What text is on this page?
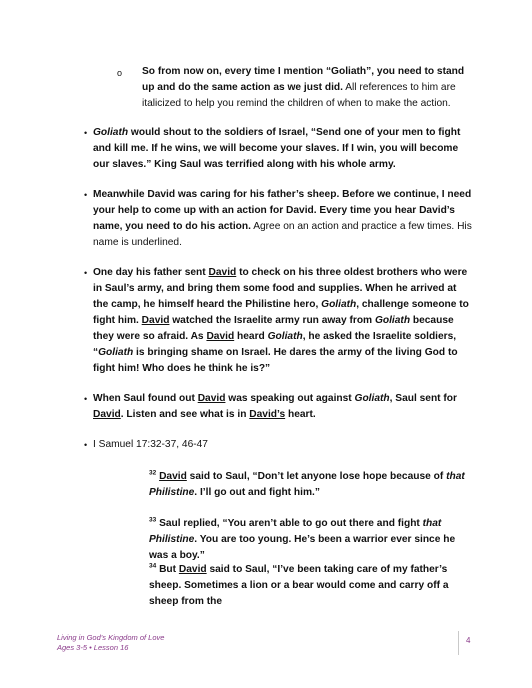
o So from now on, every time I mention “Goliath”, you need to stand up and do the same action as we just did. All references to him are italicized to help you remind the children of when to make the action.
• Goliath would shout to the soldiers of Israel, “Send one of your men to fight and kill me. If he wins, we will become your slaves. If I win, you will become our slaves.” King Saul was terrified along with his whole army.
• Meanwhile David was caring for his father’s sheep. Before we continue, I need your help to come up with an action for David. Every time you hear David’s name, you need to do his action. Agree on an action and practice a few times. His name is underlined.
• One day his father sent David to check on his three oldest brothers who were in Saul’s army, and bring them some food and supplies. When he arrived at the camp, he himself heard the Philistine hero, Goliath, challenge someone to fight him. David watched the Israelite army run away from Goliath because they were so afraid. As David heard Goliath, he asked the Israelite soldiers, “Goliath is bringing shame on Israel. He dares the army of the living God to fight him! Who does he think he is?”
• When Saul found out David was speaking out against Goliath, Saul sent for David. Listen and see what is in David’s heart.
• I Samuel 17:32-37, 46-47
$^{32}$ David said to Saul, “Don’t let anyone lose hope because of that Philistine. I’ll go out and fight him.”
$^{33}$ Saul replied, “You aren’t able to go out there and fight that Philistine. You are too young. He’s been a warrior ever since he was a boy.”
$^{34}$ But David said to Saul, “I’ve been taking care of my father’s sheep. Sometimes a lion or a bear would come and carry off a sheep from the
Living in God’s Kingdom of Love
Ages 3-5 • Lesson 16
4
